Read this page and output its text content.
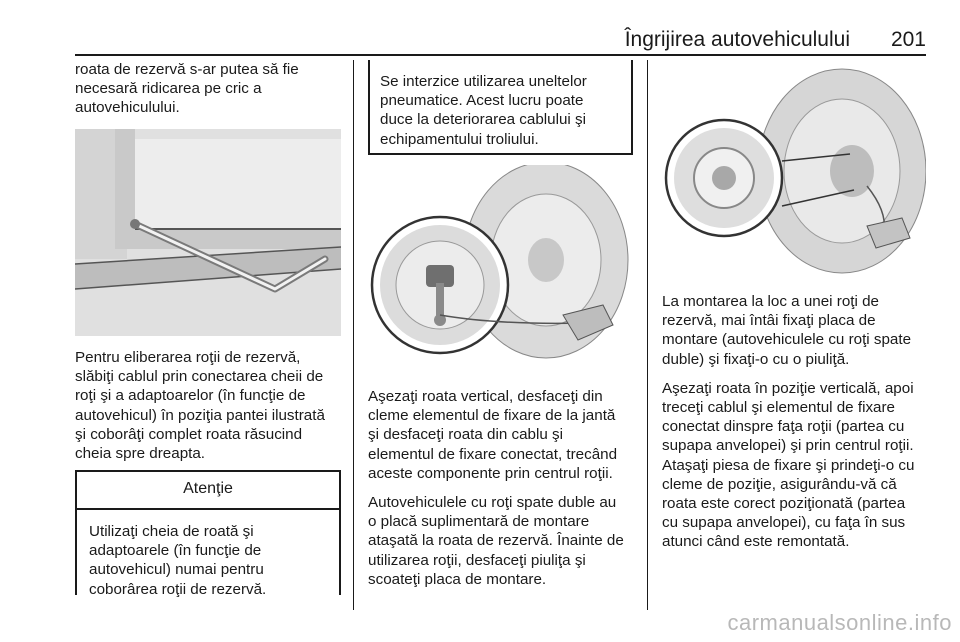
Îngrijirea autovehiculului 201

roata de rezervă s-ar putea să fie
necesară ridicarea pe cric a
autovehiculului.

Pentru eliberarea roţii de rezervă,
slăbiţi cablul prin conectarea cheii de
roţi şi a adaptoarelor (în funcţie de
autovehicul) în poziţia pantei ilustrată
şi coborâţi complet roata răsucind
cheia spre dreapta.

Atenţie

Utilizaţi cheia de roată şi
adaptoarele (în funcţie de
autovehicul) numai pentru
coborârea roţii de rezervă.

Se interzice utilizarea uneltelor
pneumatice. Acest lucru poate
duce la deteriorarea cablului şi
echipamentului troliului.

Aşezaţi roata vertical, desfaceţi din
cleme elementul de fixare de la jantă
şi desfaceţi roata din cablu şi
elementul de fixare conectat, trecând
aceste componente prin centrul roţii.

Autovehiculele cu roţi spate duble au
o placă suplimentară de montare
ataşată la roata de rezervă. Înainte de
utilizarea roţii, desfaceţi piuliţa şi
scoateţi placa de montare.

La montarea la loc a unei roţi de
rezervă, mai întâi fixaţi placa de
montare (autovehiculele cu roţi spate
duble) şi fixaţi-o cu o piuliţă.

Aşezaţi roata în poziţie verticală, apoi
treceţi cablul şi elementul de fixare
conectat dinspre faţa roţii (partea cu
supapa anvelopei) şi prin centrul roţii.
Ataşaţi piesa de fixare şi prindeţi-o cu
cleme de poziţie, asigurându-vă că
roata este corect poziţionată (partea
cu supapa anvelopei), cu faţa în sus
atunci când este remontată.

carmanualsonline.info
